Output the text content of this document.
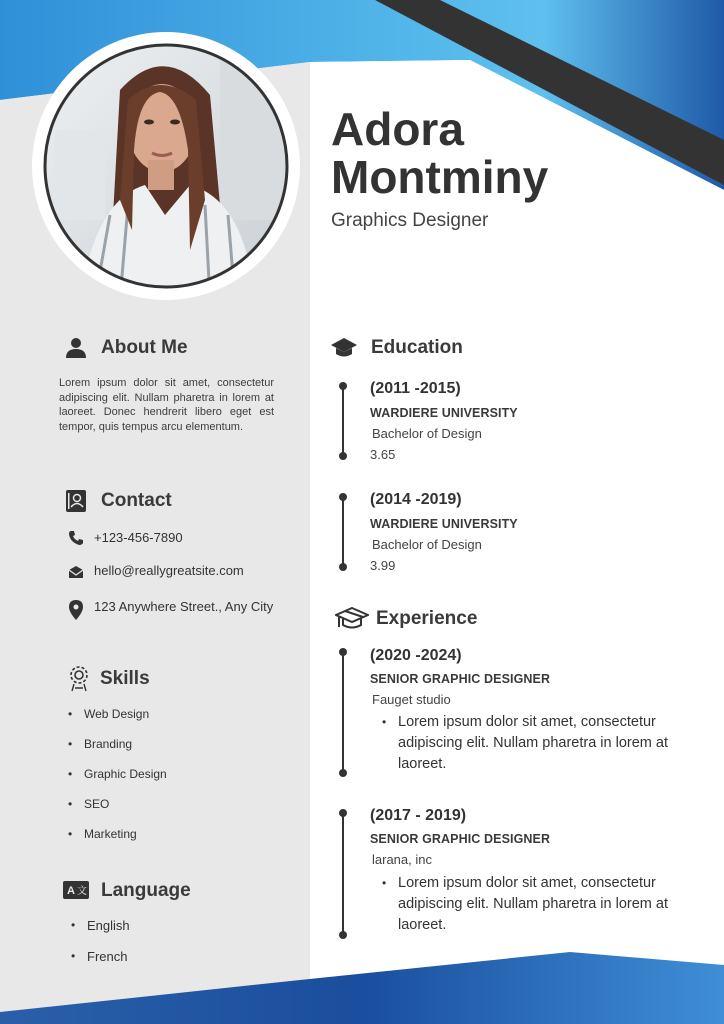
Adora
Montminy
Graphics Designer
About Me
Lorem ipsum dolor sit amet, consectetur adipiscing elit. Nullam pharetra in lorem at laoreet. Donec hendrerit libero eget est tempor, quis tempus arcu elementum.
Contact
+123-456-7890
hello@reallygreatsite.com
123 Anywhere Street., Any City
Skills
• Web Design
• Branding
• Graphic Design
• SEO
• Marketing
A 文 Language
• English
• French
Education
(2011 -2015)
WARDIERE UNIVERSITY
Bachelor of Design
3.65
(2014 -2019)
WARDIERE UNIVERSITY
Bachelor of Design
3.99
Experience
(2020 -2024)
SENIOR GRAPHIC DESIGNER
Fauget studio
• Lorem ipsum dolor sit amet, consectetur adipiscing elit. Nullam pharetra in lorem at laoreet.
(2017 - 2019)
SENIOR GRAPHIC DESIGNER
larana, inc
• Lorem ipsum dolor sit amet, consectetur adipiscing elit. Nullam pharetra in lorem at laoreet.
